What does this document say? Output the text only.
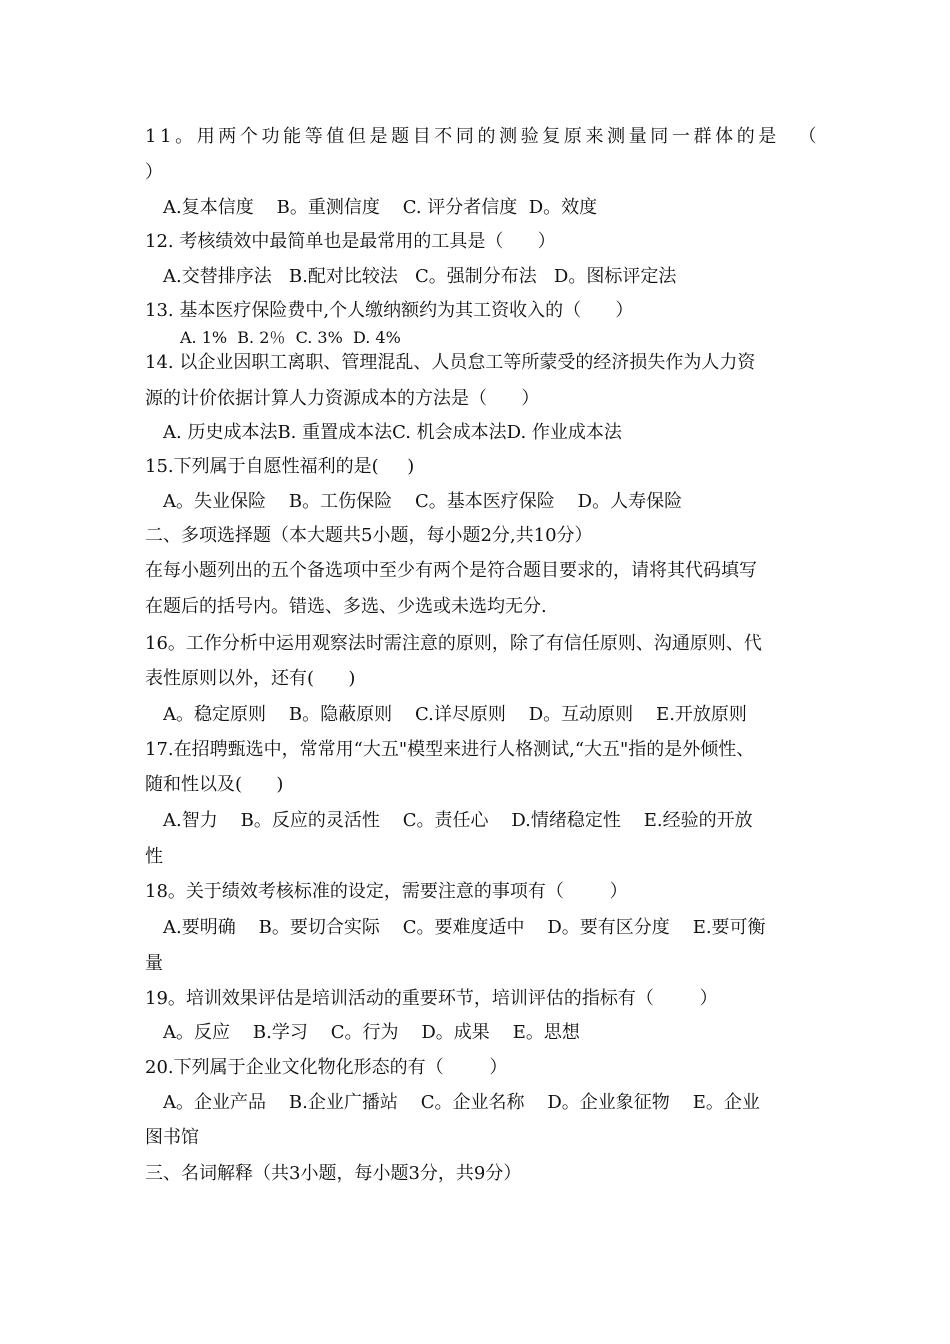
11。用两个功能等值但是题目不同的测验复原来测量同一群体的是  （
）
A.复本信度    B。重测信度    C. 评分者信度  D。效度
12. 考核绩效中最简单也是最常用的工具是（      ）
A.交替排序法   B.配对比较法   C。强制分布法   D。图标评定法
13. 基本医疗保险费中,个人缴纳额约为其工资收入的（      ）
A. 1%  B. 2％  C. 3%  D. 4%
14. 以企业因职工离职、管理混乱、人员怠工等所蒙受的经济损失作为人力资
源的计价依据计算人力资源成本的方法是（      ）
A. 历史成本法B. 重置成本法C. 机会成本法D. 作业成本法
15.下列属于自愿性福利的是(     )
A。失业保险    B。工伤保险    C。基本医疗保险    D。人寿保险
二、多项选择题（本大题共5小题，每小题2分,共10分）
在每小题列出的五个备选项中至少有两个是符合题目要求的，请将其代码填写
在题后的括号内。错选、多选、少选或未选均无分.
16。工作分析中运用观察法时需注意的原则，除了有信任原则、沟通原则、代
表性原则以外，还有(      )
A。稳定原则    B。隐蔽原则    C.详尽原则    D。互动原则    E.开放原则
17.在招聘甄选中，常常用“大五"模型来进行人格测试,“大五"指的是外倾性、
随和性以及(      )
A.智力    B。反应的灵活性    C。责任心    D.情绪稳定性    E.经验的开放
性
18。关于绩效考核标准的设定，需要注意的事项有（        ）
A.要明确    B。要切合实际    C。要难度适中    D。要有区分度    E.要可衡
量
19。培训效果评估是培训活动的重要环节，培训评估的指标有（        ）
A。反应    B.学习    C。行为    D。成果    E。思想
20.下列属于企业文化物化形态的有（        ）
A。企业产品    B.企业广播站    C。企业名称    D。企业象征物    E。企业
图书馆
三、名词解释（共3小题，每小题3分，共9分）
